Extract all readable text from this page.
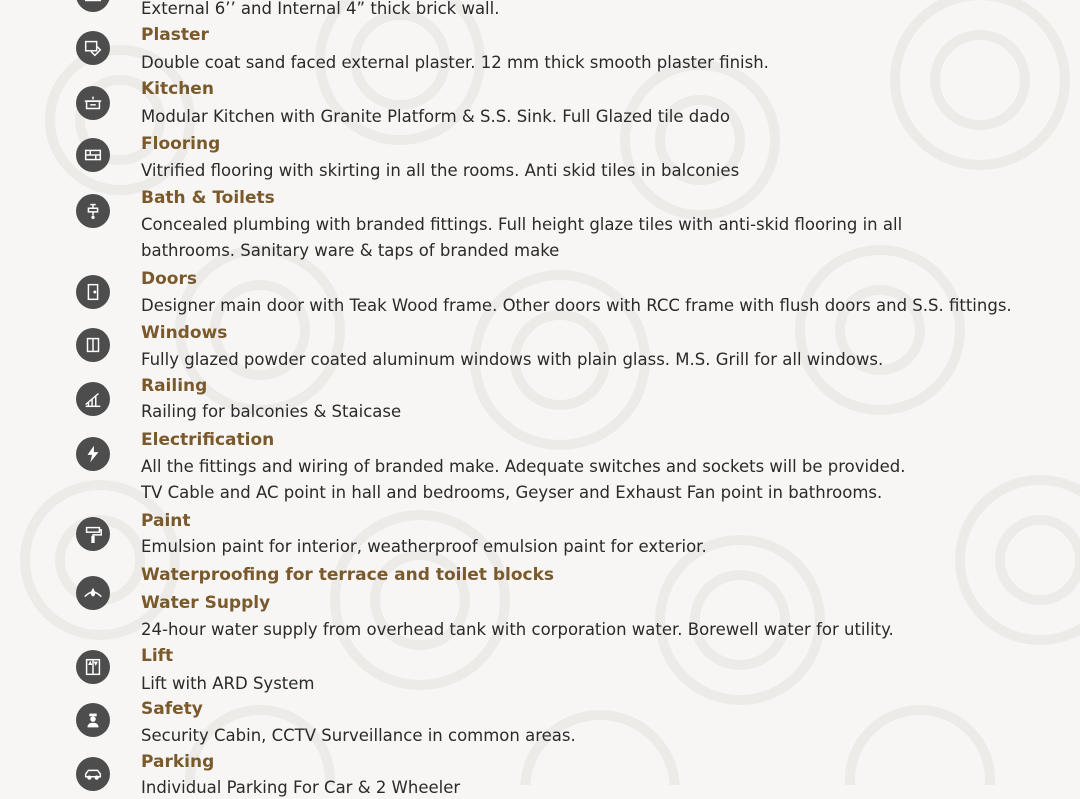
External 6’’ and Internal 4” thick brick wall.
Plaster
Double coat sand faced external plaster. 12 mm thick smooth plaster finish.
Kitchen
Modular Kitchen with Granite Platform & S.S. Sink. Full Glazed tile dado
Flooring
Vitrified flooring with skirting in all the rooms. Anti skid tiles in balconies
Bath & Toilets
Concealed plumbing with branded fittings. Full height glaze tiles with anti-skid flooring in all
bathrooms. Sanitary ware & taps of branded make
Doors
Designer main door with Teak Wood frame. Other doors with RCC frame with flush doors and S.S. fittings.
Windows
Fully glazed powder coated aluminum windows with plain glass. M.S. Grill for all windows.
Railing
Railing for balconies & Staicase
Electrification
All the fittings and wiring of branded make. Adequate switches and sockets will be provided.
TV Cable and AC point in hall and bedrooms, Geyser and Exhaust Fan point in bathrooms.
Paint
Emulsion paint for interior, weatherproof emulsion paint for exterior.
Waterproofing for terrace and toilet blocks
Water Supply
24-hour water supply from overhead tank with corporation water. Borewell water for utility.
Lift
Lift with ARD System
Safety
Security Cabin, CCTV Surveillance in common areas.
Parking
Individual Parking For Car & 2 Wheeler
